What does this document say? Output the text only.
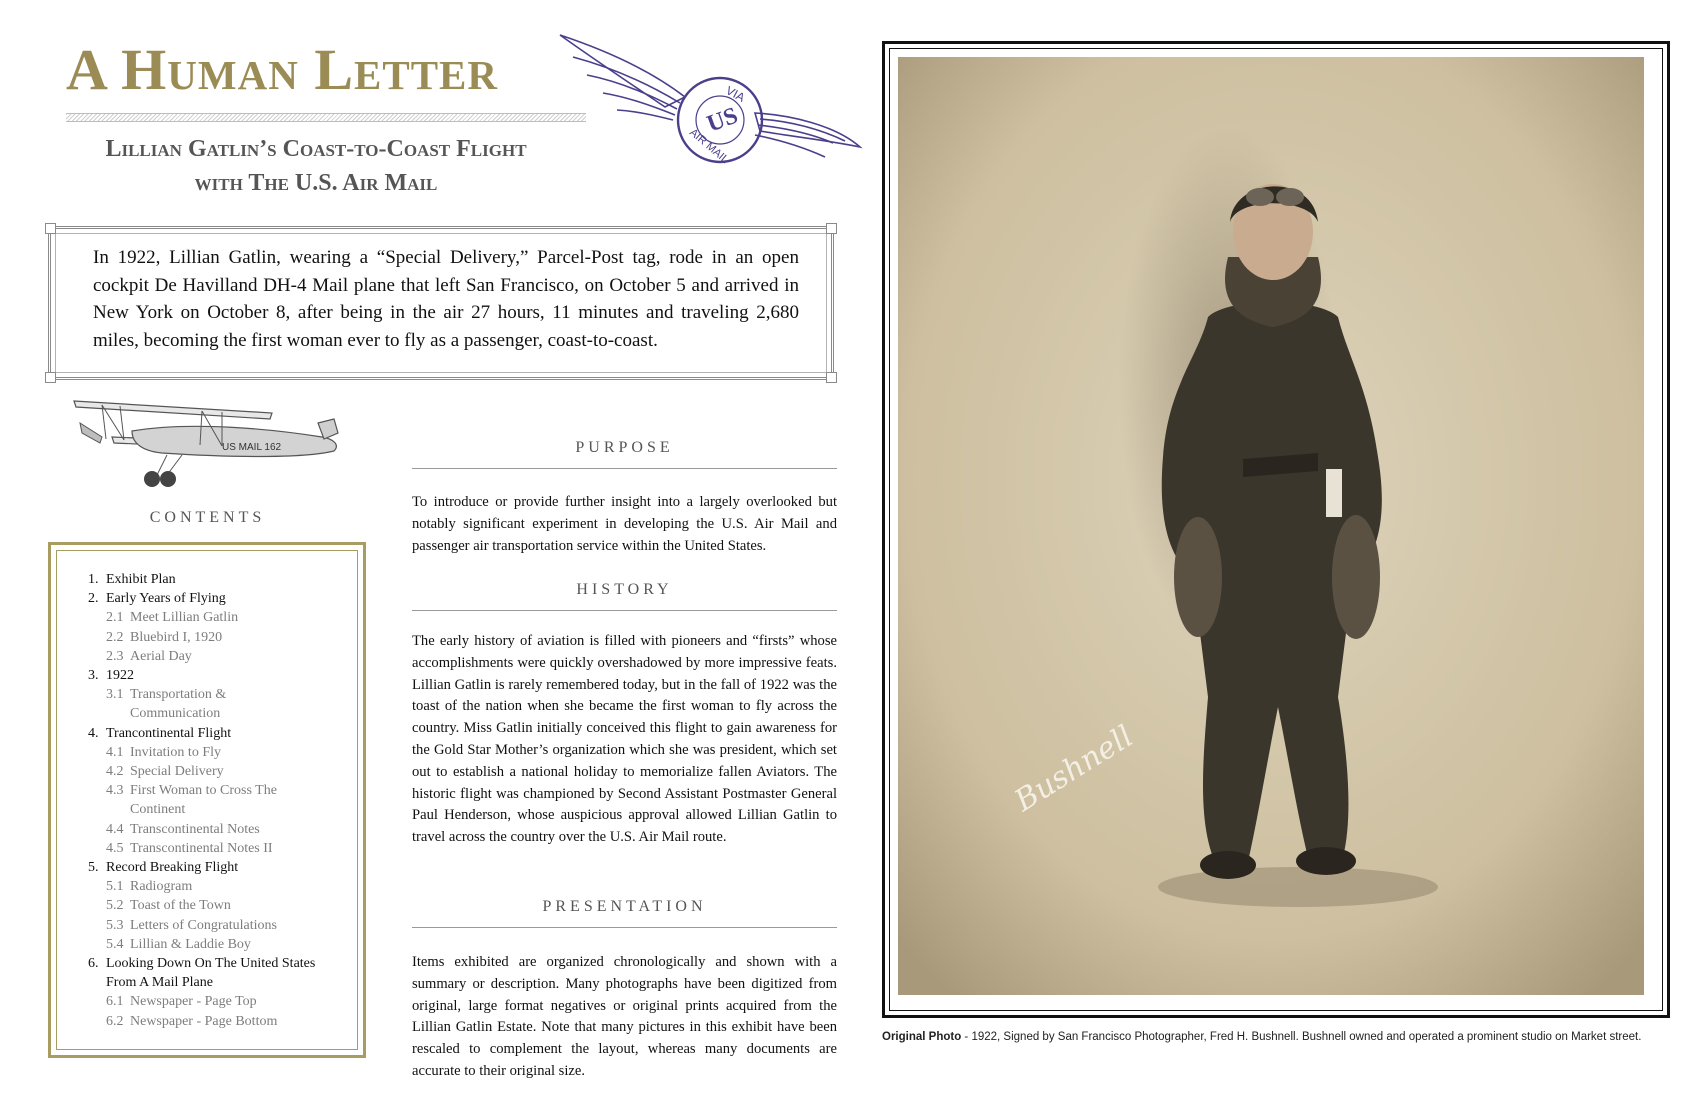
A Human Letter
Lillian Gatlin’s Coast-to-Coast Flight
with The U.S. Air Mail
VIA
US
AIR MAIL
In 1922, Lillian Gatlin, wearing a “Special Delivery,” Parcel-Post tag, rode in an open cockpit De Havilland DH-4 Mail plane that left San Francisco, on October 5 and arrived in New York on October 8, after being in the air 27 hours, 11 minutes and traveling 2,680 miles, becoming the first woman ever to fly as a passenger, coast-to-coast.
US MAIL 162
CONTENTS
1. Exhibit Plan
2. Early Years of Flying
2.1 Meet Lillian Gatlin
2.2 Bluebird I, 1920
2.3 Aerial Day
3. 1922
3.1 Transportation &
Communication
4. Trancontinental Flight
4.1 Invitation to Fly
4.2 Special Delivery
4.3 First Woman to Cross The
Continent
4.4 Transcontinental Notes
4.5 Transcontinental Notes II
5. Record Breaking Flight
5.1 Radiogram
5.2 Toast of the Town
5.3 Letters of Congratulations
5.4 Lillian & Laddie Boy
6. Looking Down On The United States
From A Mail Plane
6.1 Newspaper - Page Top
6.2 Newspaper - Page Bottom
PURPOSE
To introduce or provide further insight into a largely overlooked but notably significant experiment in developing the U.S. Air Mail and passenger air transportation service within the United States.
HISTORY
The early history of aviation is filled with pioneers and “firsts” whose accomplishments were quickly overshadowed by more impressive feats. Lillian Gatlin is rarely remembered today, but in the fall of 1922 was the toast of the nation when she became the first woman to fly across the country. Miss Gatlin initially conceived this flight to gain awareness for the Gold Star Mother’s organization which she was president, which set out to establish a national holiday to memorialize fallen Aviators. The historic flight was championed by Second Assistant Postmaster General Paul Henderson, whose auspicious approval allowed Lillian Gatlin to travel across the country over the U.S. Air Mail route.
PRESENTATION
Items exhibited are organized chronologically and shown with a summary or description. Many photographs have been digitized from original, large format negatives or original prints acquired from the Lillian Gatlin Estate. Note that many pictures in this exhibit have been rescaled to complement the layout, whereas many documents are accurate to their original size.
Bushnell
Original Photo - 1922, Signed by San Francisco Photographer, Fred H. Bushnell. Bushnell owned and operated a prominent studio on Market street.
